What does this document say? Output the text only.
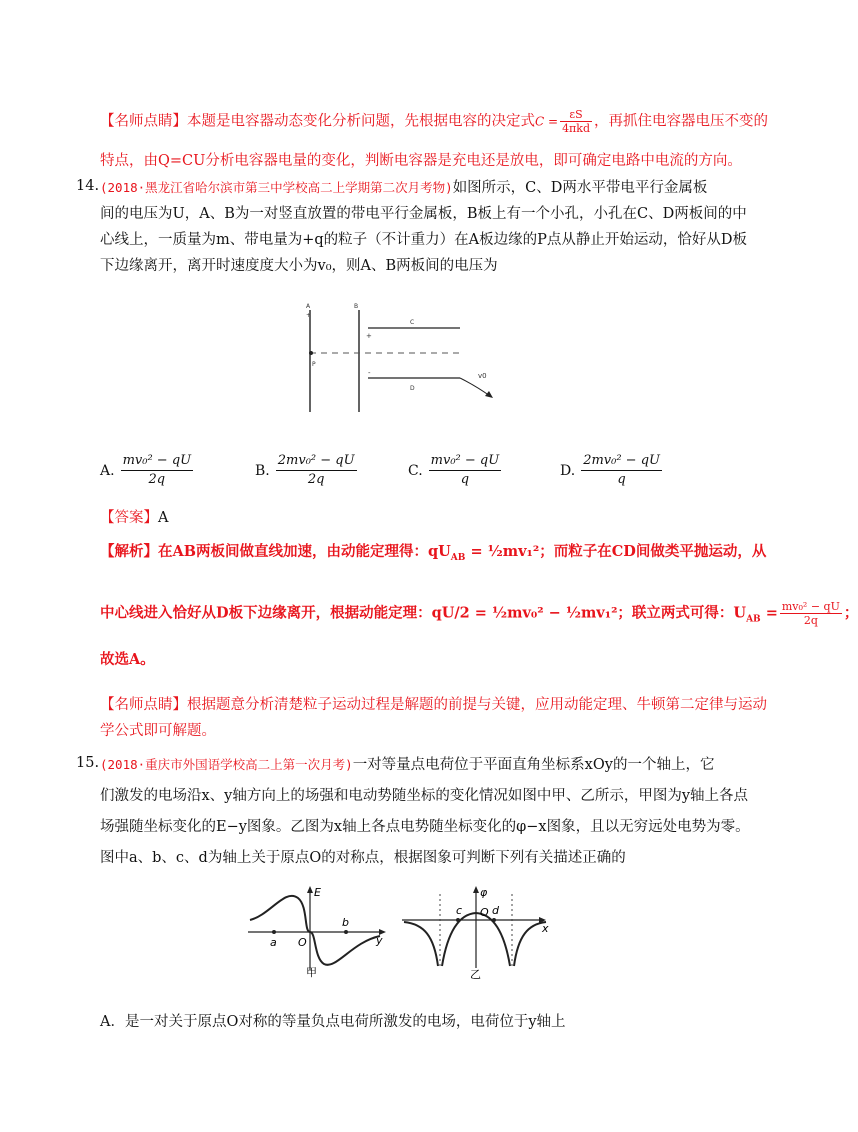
【名师点睛】本题是电容器动态变化分析问题，先根据电容的决定式$C = \frac{\varepsilon S}{\text{4πkd}}$ ，再抓住电容器电压不变的
特点，由Q=CU分析电容器电量的变化，判断电容器是充电还是放电，即可确定电路中电流的方向。
14. (2018·黑龙江省哈尔滨市第三中学校高二上学期第二次月考物)如图所示，C、D两水平带电平行金属板
间的电压为U，A、B为一对竖直放置的带电平行金属板，B板上有一个小孔，小孔在C、D两板间的中
心线上，一质量为m、带电量为+q的粒子（不计重力）在A板边缘的P点从静止开始运动，恰好从D板
下边缘离开，离开时速度度大小为v₀，则A、B两板间的电压为
A
+
B
C
D
P
+
-	v0
A. $\frac{\text{mv₀² − qU}}{2q}$	B. $\frac{\text{2mv₀² − qU}}{2q}$	C. $\frac{\text{mv₀² − qU}}{q}$	D. $\frac{\text{2mv₀² − qU}}{q}$
【答案】A
【解析】在AB两板间做直线加速，由动能定理得：$qU_{AB}$ = ½mv₁²；而粒子在CD间做类平抛运动，从
中心线进入恰好从D板下边缘离开，根据动能定理：qU/2 = ½mv₀² − ½mv₁²；联立两式可得：$U_{AB} = \frac{\text{mv₀² − qU}}{2q}$ ；
故选A。
【名师点睛】根据题意分析清楚粒子运动过程是解题的前提与关键，应用动能定理、牛顿第二定律与运动
学公式即可解题。
15. (2018·重庆市外国语学校高二上第一次月考)一对等量点电荷位于平面直角坐标系xOy的一个轴上，它
们激发的电场沿x、y轴方向上的场强和电动势随坐标的变化情况如图中甲、乙所示，甲图为y轴上各点
场强随坐标变化的E−y图象。乙图为x轴上各点电势随坐标变化的φ−x图象，且以无穷远处电势为零。
图中a、b、c、d为轴上关于原点O的对称点，根据图象可判断下列有关描述正确的
E
O
a
b
y
甲
φ
O
c	d
x
乙
A．是一对关于原点O对称的等量负点电荷所激发的电场，电荷位于y轴上
